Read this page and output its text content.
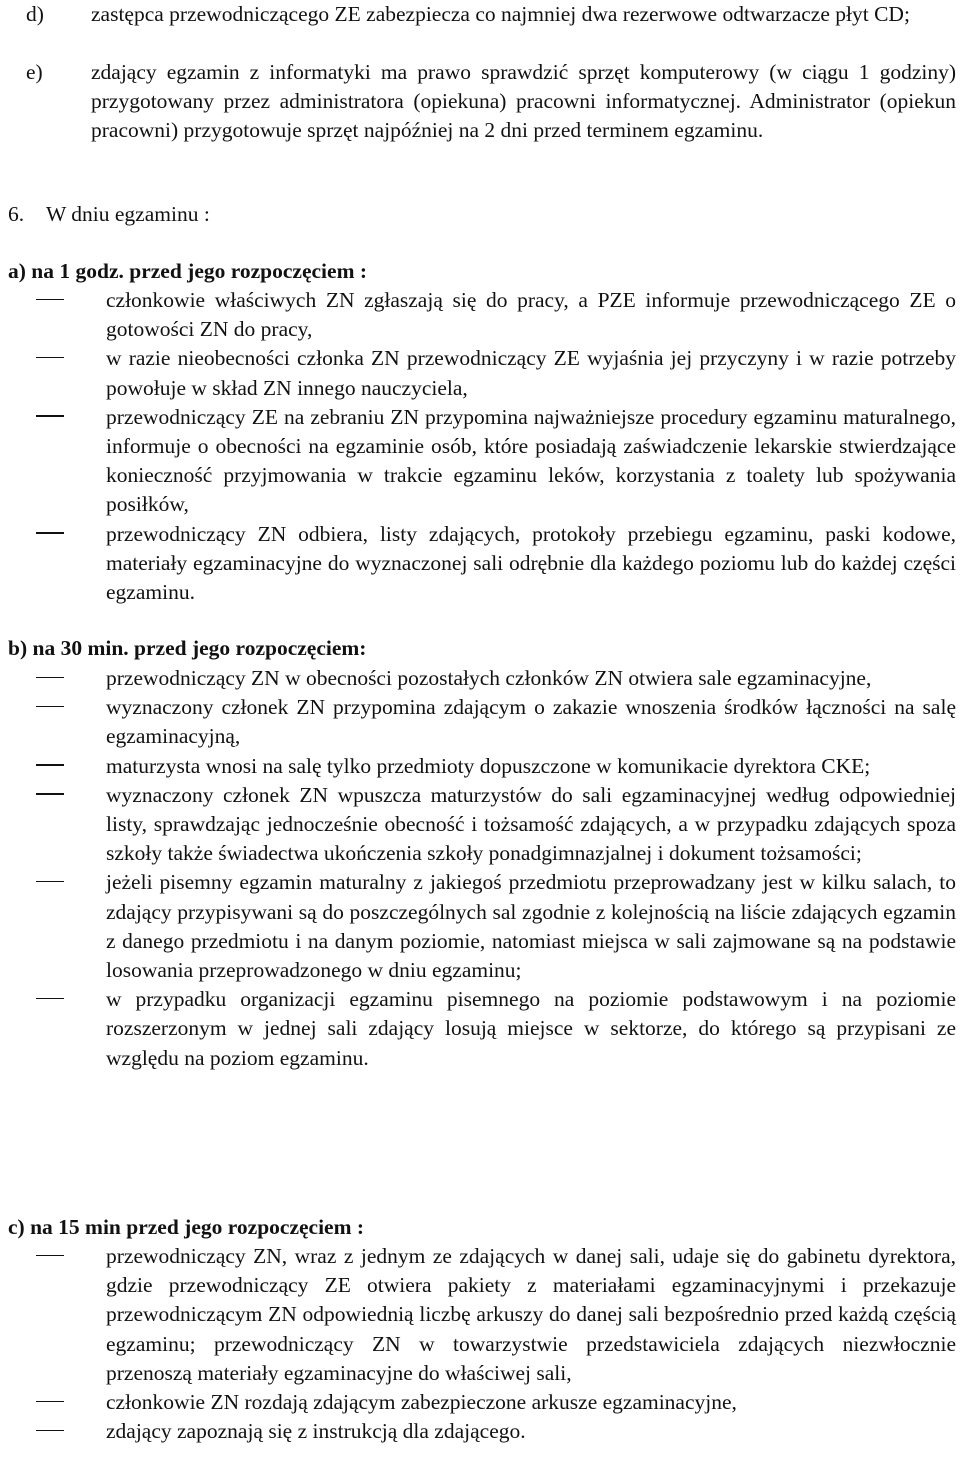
d) zastępca przewodniczącego ZE zabezpiecza co najmniej dwa rezerwowe odtwarzacze płyt CD;
e) zdający egzamin z informatyki ma prawo sprawdzić sprzęt komputerowy (w ciągu 1 godziny) przygotowany przez administratora (opiekuna) pracowni informatycznej. Administrator (opiekun pracowni) przygotowuje sprzęt najpóźniej na 2 dni przed terminem egzaminu.
6. W dniu egzaminu :
a) na 1 godz. przed jego rozpoczęciem :
członkowie właściwych ZN zgłaszają się do pracy, a PZE informuje przewodniczącego ZE o gotowości ZN do pracy,
w razie nieobecności członka ZN przewodniczący ZE wyjaśnia jej przyczyny i w razie potrzeby powołuje w skład ZN innego nauczyciela,
przewodniczący ZE na zebraniu ZN przypomina najważniejsze procedury egzaminu maturalnego, informuje o obecności na egzaminie osób, które posiadają zaświadczenie lekarskie stwierdzające konieczność przyjmowania w trakcie egzaminu leków, korzystania z toalety lub spożywania posiłków,
przewodniczący ZN odbiera, listy zdających, protokoły przebiegu egzaminu, paski kodowe, materiały egzaminacyjne do wyznaczonej sali odrębnie dla każdego poziomu lub do każdej części egzaminu.
b) na 30 min. przed jego rozpoczęciem:
przewodniczący ZN w obecności pozostałych członków ZN otwiera sale egzaminacyjne,
wyznaczony członek ZN przypomina zdającym o zakazie wnoszenia środków łączności na salę egzaminacyjną,
maturzysta wnosi na salę tylko przedmioty dopuszczone w komunikacie dyrektora CKE;
wyznaczony członek ZN wpuszcza maturzystów do sali egzaminacyjnej według odpowiedniej listy, sprawdzając jednocześnie obecność i tożsamość zdających, a w przypadku zdających spoza szkoły także świadectwa ukończenia szkoły ponadgimnazjalnej i dokument tożsamości;
jeżeli pisemny egzamin maturalny z jakiegoś przedmiotu przeprowadzany jest w kilku salach, to zdający przypisywani są do poszczególnych sal zgodnie z kolejnością na liście zdających egzamin z danego przedmiotu i na danym poziomie, natomiast miejsca w sali zajmowane są na podstawie losowania przeprowadzonego w dniu egzaminu;
w przypadku organizacji egzaminu pisemnego na poziomie podstawowym i na poziomie rozszerzonym w jednej sali zdający losują miejsce w sektorze, do którego są przypisani ze względu na poziom egzaminu.
c) na 15 min przed jego rozpoczęciem :
przewodniczący ZN, wraz z jednym ze zdających w danej sali, udaje się do gabinetu dyrektora, gdzie przewodniczący ZE otwiera pakiety z materiałami egzaminacyjnymi i przekazuje przewodniczącym ZN odpowiednią liczbę arkuszy do danej sali bezpośrednio przed każdą częścią egzaminu; przewodniczący ZN w towarzystwie przedstawiciela zdających niezwłocznie przenoszą materiały egzaminacyjne do właściwej sali,
członkowie ZN rozdają zdającym zabezpieczone arkusze egzaminacyjne,
zdający zapoznają się z instrukcją dla zdającego.
